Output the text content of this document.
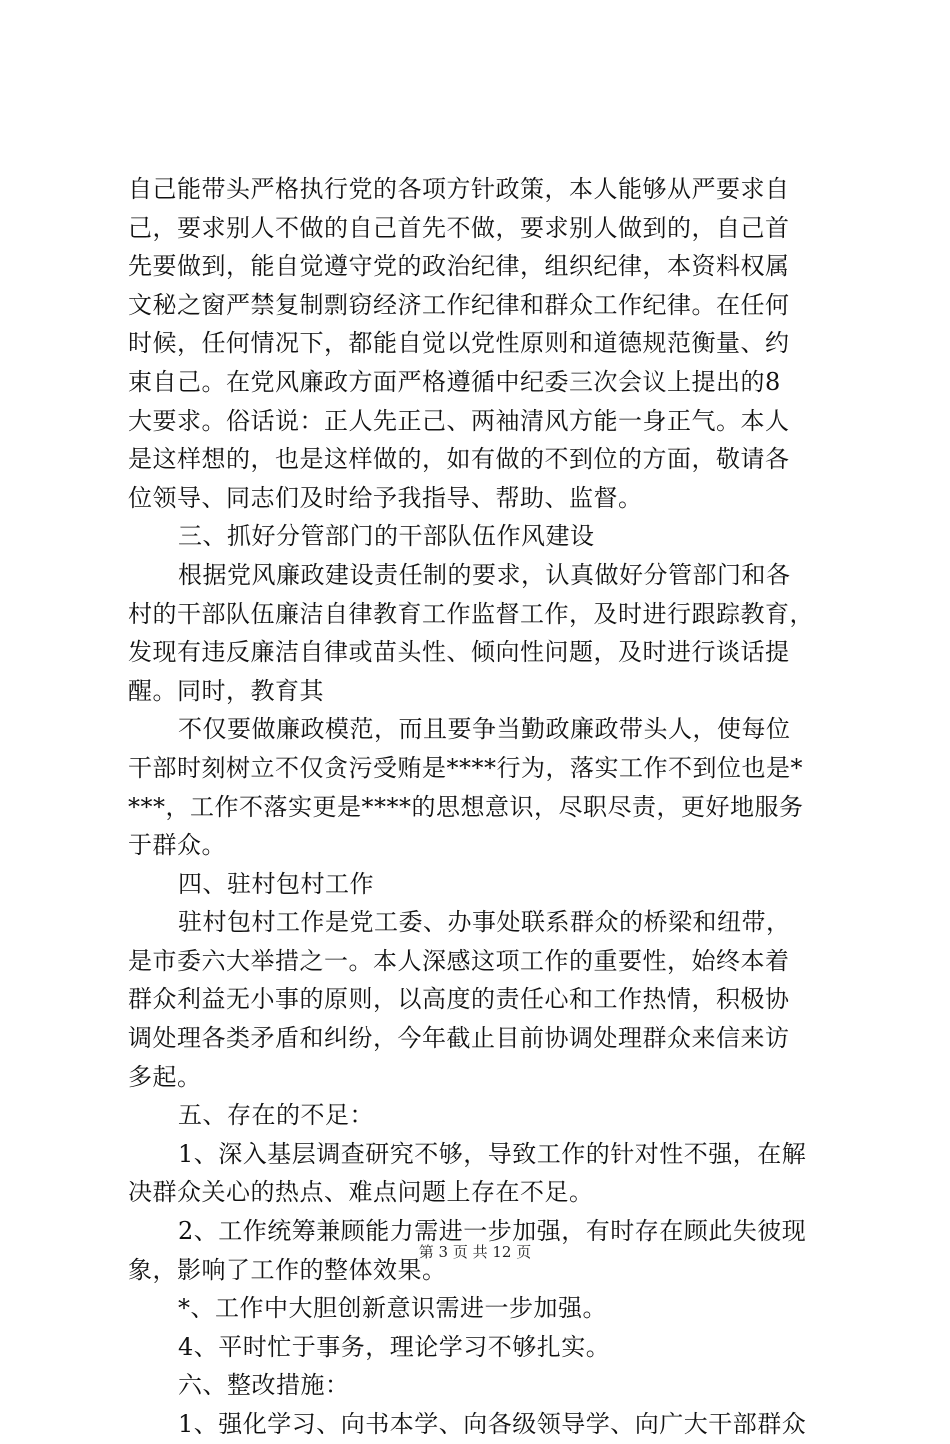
自己能带头严格执行党的各项方针政策，本人能够从严要求自
己，要求别人不做的自己首先不做，要求别人做到的，自己首
先要做到，能自觉遵守党的政治纪律，组织纪律，本资料权属
文秘之窗严禁复制剽窃经济工作纪律和群众工作纪律。在任何
时候，任何情况下，都能自觉以党性原则和道德规范衡量、约
束自己。在党风廉政方面严格遵循中纪委三次会议上提出的8
大要求。俗话说：正人先正己、两袖清风方能一身正气。本人
是这样想的，也是这样做的，如有做的不到位的方面，敬请各
位领导、同志们及时给予我指导、帮助、监督。
三、抓好分管部门的干部队伍作风建设
根据党风廉政建设责任制的要求，认真做好分管部门和各
村的干部队伍廉洁自律教育工作监督工作，及时进行跟踪教育，
发现有违反廉洁自律或苗头性、倾向性问题，及时进行谈话提
醒。同时，教育其
不仅要做廉政模范，而且要争当勤政廉政带头人，使每位
干部时刻树立不仅贪污受贿是****行为，落实工作不到位也是*
***，工作不落实更是****的思想意识，尽职尽责，更好地服务
于群众。
四、驻村包村工作
驻村包村工作是党工委、办事处联系群众的桥梁和纽带，
是市委六大举措之一。本人深感这项工作的重要性，始终本着
群众利益无小事的原则，以高度的责任心和工作热情，积极协
调处理各类矛盾和纠纷，今年截止目前协调处理群众来信来访
多起。
五、存在的不足：
1、深入基层调查研究不够，导致工作的针对性不强，在解
决群众关心的热点、难点问题上存在不足。
2、工作统筹兼顾能力需进一步加强，有时存在顾此失彼现
象，影响了工作的整体效果。
*、工作中大胆创新意识需进一步加强。
4、平时忙于事务，理论学习不够扎实。
六、整改措施：
1、强化学习、向书本学、向各级领导学、向广大干部群众
第 3 页 共 12 页
